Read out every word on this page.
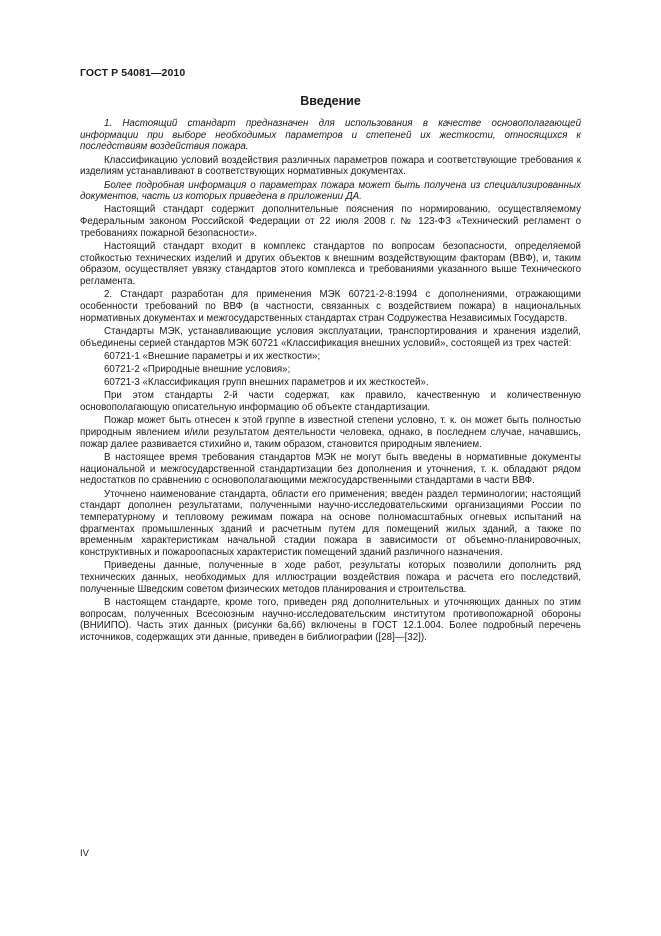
ГОСТ Р 54081—2010
Введение

1. Настоящий стандарт предназначен для использования в качестве основополагающей информации при выборе необходимых параметров и степеней их жесткости, относящихся к последствиям воздействия пожара.

Классификацию условий воздействия различных параметров пожара и соответствующие требования к изделиям устанавливают в соответствующих нормативных документах.

Более подробная информация о параметрах пожара может быть получена из специализированных документов, часть из которых приведена в приложении ДА.

Настоящий стандарт содержит дополнительные пояснения по нормированию, осуществляемому Федеральным законом Российской Федерации от 22 июля 2008 г. № 123-ФЗ «Технический регламент о требованиях пожарной безопасности».

Настоящий стандарт входит в комплекс стандартов по вопросам безопасности, определяемой стойкостью технических изделий и других объектов к внешним воздействующим факторам (ВВФ), и, таким образом, осуществляет увязку стандартов этого комплекса и требованиями указанного выше Технического регламента.

2. Стандарт разработан для применения МЭК 60721-2-8:1994 с дополнениями, отражающими особенности требований по ВВФ (в частности, связанных с воздействием пожара) в национальных нормативных документах и межгосударственных стандартах стран Содружества Независимых Государств.

Стандарты МЭК, устанавливающие условия эксплуатации, транспортирования и хранения изделий, объединены серией стандартов МЭК 60721 «Классификация внешних условий», состоящей из трех частей:

60721-1 «Внешние параметры и их жесткости»;

60721-2 «Природные внешние условия»;

60721-3 «Классификация групп внешних параметров и их жесткостей».

При этом стандарты 2-й части содержат, как правило, качественную и количественную основополагающую описательную информацию об объекте стандартизации.

Пожар может быть отнесен к этой группе в известной степени условно, т. к. он может быть полностью природным явлением и/или результатом деятельности человека, однако, в последнем случае, начавшись, пожар далее развивается стихийно и, таким образом, становится природным явлением.

В настоящее время требования стандартов МЭК не могут быть введены в нормативные документы национальной и межгосударственной стандартизации без дополнения и уточнения, т. к. обладают рядом недостатков по сравнению с основополагающими межгосударственными стандартами в части ВВФ.

Уточнено наименование стандарта, области его применения; введен раздел терминологии; настоящий стандарт дополнен результатами, полученными научно-исследовательскими организациями России по температурному и тепловому режимам пожара на основе полномасштабных огневых испытаний на фрагментах промышленных зданий и расчетным путем для помещений жилых зданий, а также по временным характеристикам начальной стадии пожара в зависимости от объемно-планировочных, конструктивных и пожароопасных характеристик помещений зданий различного назначения.

Приведены данные, полученные в ходе работ, результаты которых позволили дополнить ряд технических данных, необходимых для иллюстрации воздействия пожара и расчета его последствий, полученные Шведским советом физических методов планирования и строительства.

В настоящем стандарте, кроме того, приведен ряд дополнительных и уточняющих данных по этим вопросам, полученных Всесоюзным научно-исследовательским институтом противопожарной обороны (ВНИИПО). Часть этих данных (рисунки 6а,6б) включены в ГОСТ 12.1.004. Более подробный перечень источников, содержащих эти данные, приведен в библиографии ([28]—[32]).

IV
